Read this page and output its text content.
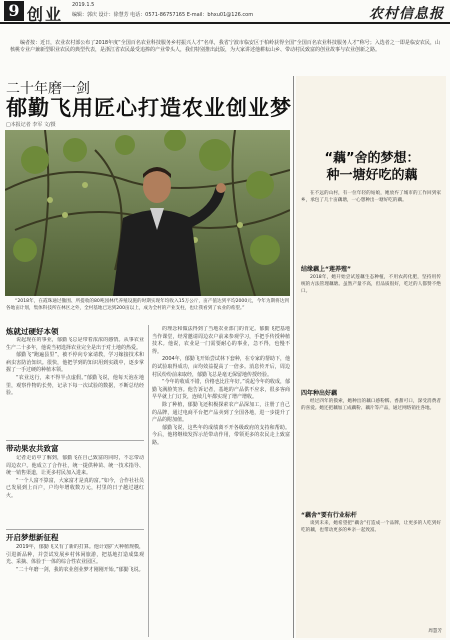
9 创业 2019.1.5
编辑：郭庆 设计：徐慧芳 电话：0571-86757165 E-mail：bhxu01@126.com	农村信息报
编者按：近日，农业农村部公布了2018年度“全国百名农业科技服务乡村振兴人才”名单，我省宁波市临安区于柏岭获得全国“全国百名农业科技服务人才”称号；入选者之一即是临安农民，山核桃专业户兼新型职业农民的典型代表，是浙江省农民最受追捧的产业带头人，我们特别推出此版，为大家讲述他耕耘山乡、带动村民致富的创业故事与农业创新之路。
二十年磨一剑
郁勤飞用匠心打造农业创业梦
□本报记者 李军 文/摄
“2018年，在霞珠通过撤围、所提收的80吨园林代养殖设施的时期实现年均收入15万公斤，亩产值达到平均2000元，今年为期将达到各地亩计划，集体科技所在林区之外，全村基地已达到200亩以上，成为全村的产业支柱，也让我看到了农业的希望。”
炼就过硬好本领

说起现在的事业，郁勤飞总是带着浓浓的感情。从事农业生产二十多年，他说当初选择农业完全是出于对土地的热爱。

郁勤飞“跑遍县里”，被不停向专家请教，学习嫁接技术和病虫害防治知识。很快，他把学到的知识用到实践中，逐步掌握了一手过硬的种植本领。

“农业这行，来不得半点虚假。”郁勤飞说，他每天泡在地里，观察作物的长势，记录下每一次试验的数据，不断总结经验。

带动果农共致富

记者走访中了解到，郁勤飞在自己致富的同时，不忘带动周边农户。他成立了合作社，统一提供种苗、统一技术指导、统一销售渠道，让更多村民加入进来。

“一个人富不算富，大家富才是真的富。”如今，合作社社员已发展到上百户，户均年增收数万元，村里的日子越过越红火。

开启梦想新征程

2019年，郁勤飞又有了新的打算。他计划扩大种植规模，引进新品种，并尝试发展乡村休闲旅游，把基地打造成集观光、采摘、体验于一体的综合性农业园区。

“二十年磨一剑，我的农业创业梦才刚刚开始。”郁勤飞说。

的理念和做法得到了当地农业部门的肯定。郁勤飞把基地当作课堂，经常邀请周边农户前来参观学习，手把手传授种植技术。他说，农业是一门需要耐心的事业，急不得，也慢不得。

2004年，郁勤飞开始尝试林下套种，在专家的帮助下，他的试验取得成功，亩均效益提高了一倍多。消息传开后，周边村民纷纷前来取经，郁勤飞总是毫无保留地传授经验。

“今年的收成不错，价格也比往年好。”说起今年的收成，郁勤飞满脸笑容。他告诉记者，基地的产品供不应求，很多客商早早就上门订货，连续几年都实现了增产增收。

除了种植，郁勤飞还积极探索农产品深加工，注册了自己的品牌，通过电商平台把产品卖到了全国各地，进一步提升了产品的附加值。

郁勤飞说，这些年的成绩离不开各级政府的支持和帮助。今后，他将继续发挥示范带动作用，带领更多的农民走上致富路。

“藕”舍的梦想：
种一塘好吃的藕

在不远的山村，有一位年轻的姑娘，她放弃了城市的工作回到家乡，承包了几十亩藕塘，一心想种出一塘好吃的藕。

结缘藕上“莲养殖”

2018年，她开始尝试莲藕生态种植，不用农药化肥，坚持用传统的方法管理藕塘。虽然产量不高，但品质很好，吃过的人都赞不绝口。

四年种出好藕

经过四年的摸索，她种出的藕口感粉糯、香甜可口，深受消费者的喜爱。她还把藕加工成藕粉、藕片等产品，通过网络销往各地。

“藕舍”要有行业标杆

谈到未来，她希望把“藕舍”打造成一个品牌，让更多的人吃到好吃的藕，也带动更多的乡亲一起致富。

周慧芳
